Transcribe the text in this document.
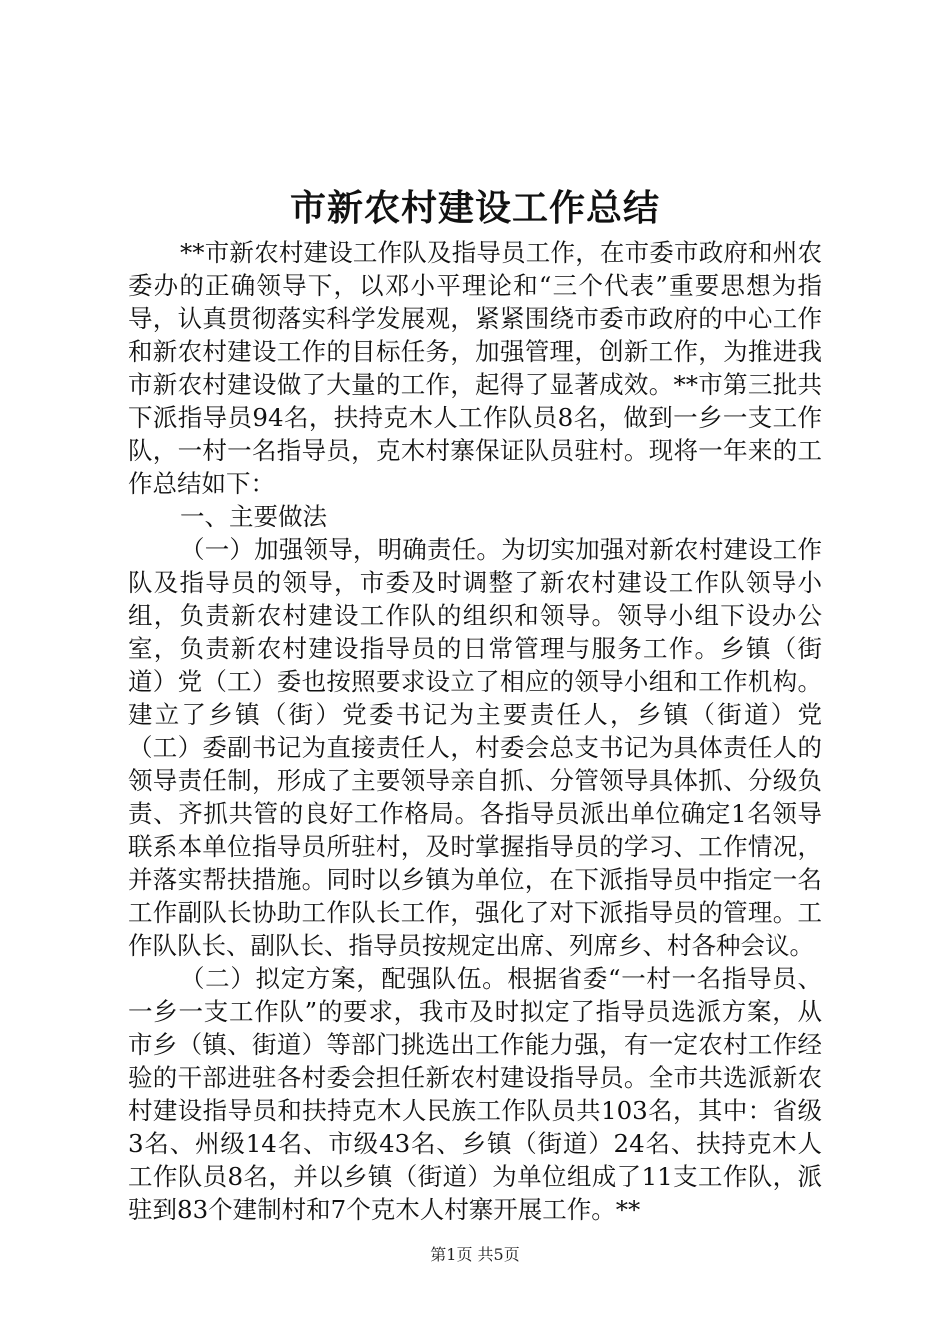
市新农村建设工作总结

**市新农村建设工作队及指导员工作，在市委市政府和州农委办的正确领导下，以邓小平理论和“三个代表”重要思想为指导，认真贯彻落实科学发展观，紧紧围绕市委市政府的中心工作和新农村建设工作的目标任务，加强管理，创新工作，为推进我市新农村建设做了大量的工作，起得了显著成效。**市第三批共下派指导员94名，扶持克木人工作队员8名，做到一乡一支工作队，一村一名指导员，克木村寨保证队员驻村。现将一年来的工作总结如下：

一、主要做法

（一）加强领导，明确责任。为切实加强对新农村建设工作队及指导员的领导，市委及时调整了新农村建设工作队领导小组，负责新农村建设工作队的组织和领导。领导小组下设办公室，负责新农村建设指导员的日常管理与服务工作。乡镇（街道）党（工）委也按照要求设立了相应的领导小组和工作机构。建立了乡镇（街）党委书记为主要责任人，乡镇（街道）党（工）委副书记为直接责任人，村委会总支书记为具体责任人的领导责任制，形成了主要领导亲自抓、分管领导具体抓、分级负责、齐抓共管的良好工作格局。各指导员派出单位确定1名领导联系本单位指导员所驻村，及时掌握指导员的学习、工作情况，并落实帮扶措施。同时以乡镇为单位，在下派指导员中指定一名工作副队长协助工作队长工作，强化了对下派指导员的管理。工作队队长、副队长、指导员按规定出席、列席乡、村各种会议。

（二）拟定方案，配强队伍。根据省委“一村一名指导员、一乡一支工作队”的要求，我市及时拟定了指导员选派方案，从市乡（镇、街道）等部门挑选出工作能力强，有一定农村工作经验的干部进驻各村委会担任新农村建设指导员。全市共选派新农村建设指导员和扶持克木人民族工作队员共103名，其中：省级3名、州级14名、市级43名、乡镇（街道）24名、扶持克木人工作队员8名，并以乡镇（街道）为单位组成了11支工作队，派驻到83个建制村和7个克木人村寨开展工作。**

第1页 共5页
